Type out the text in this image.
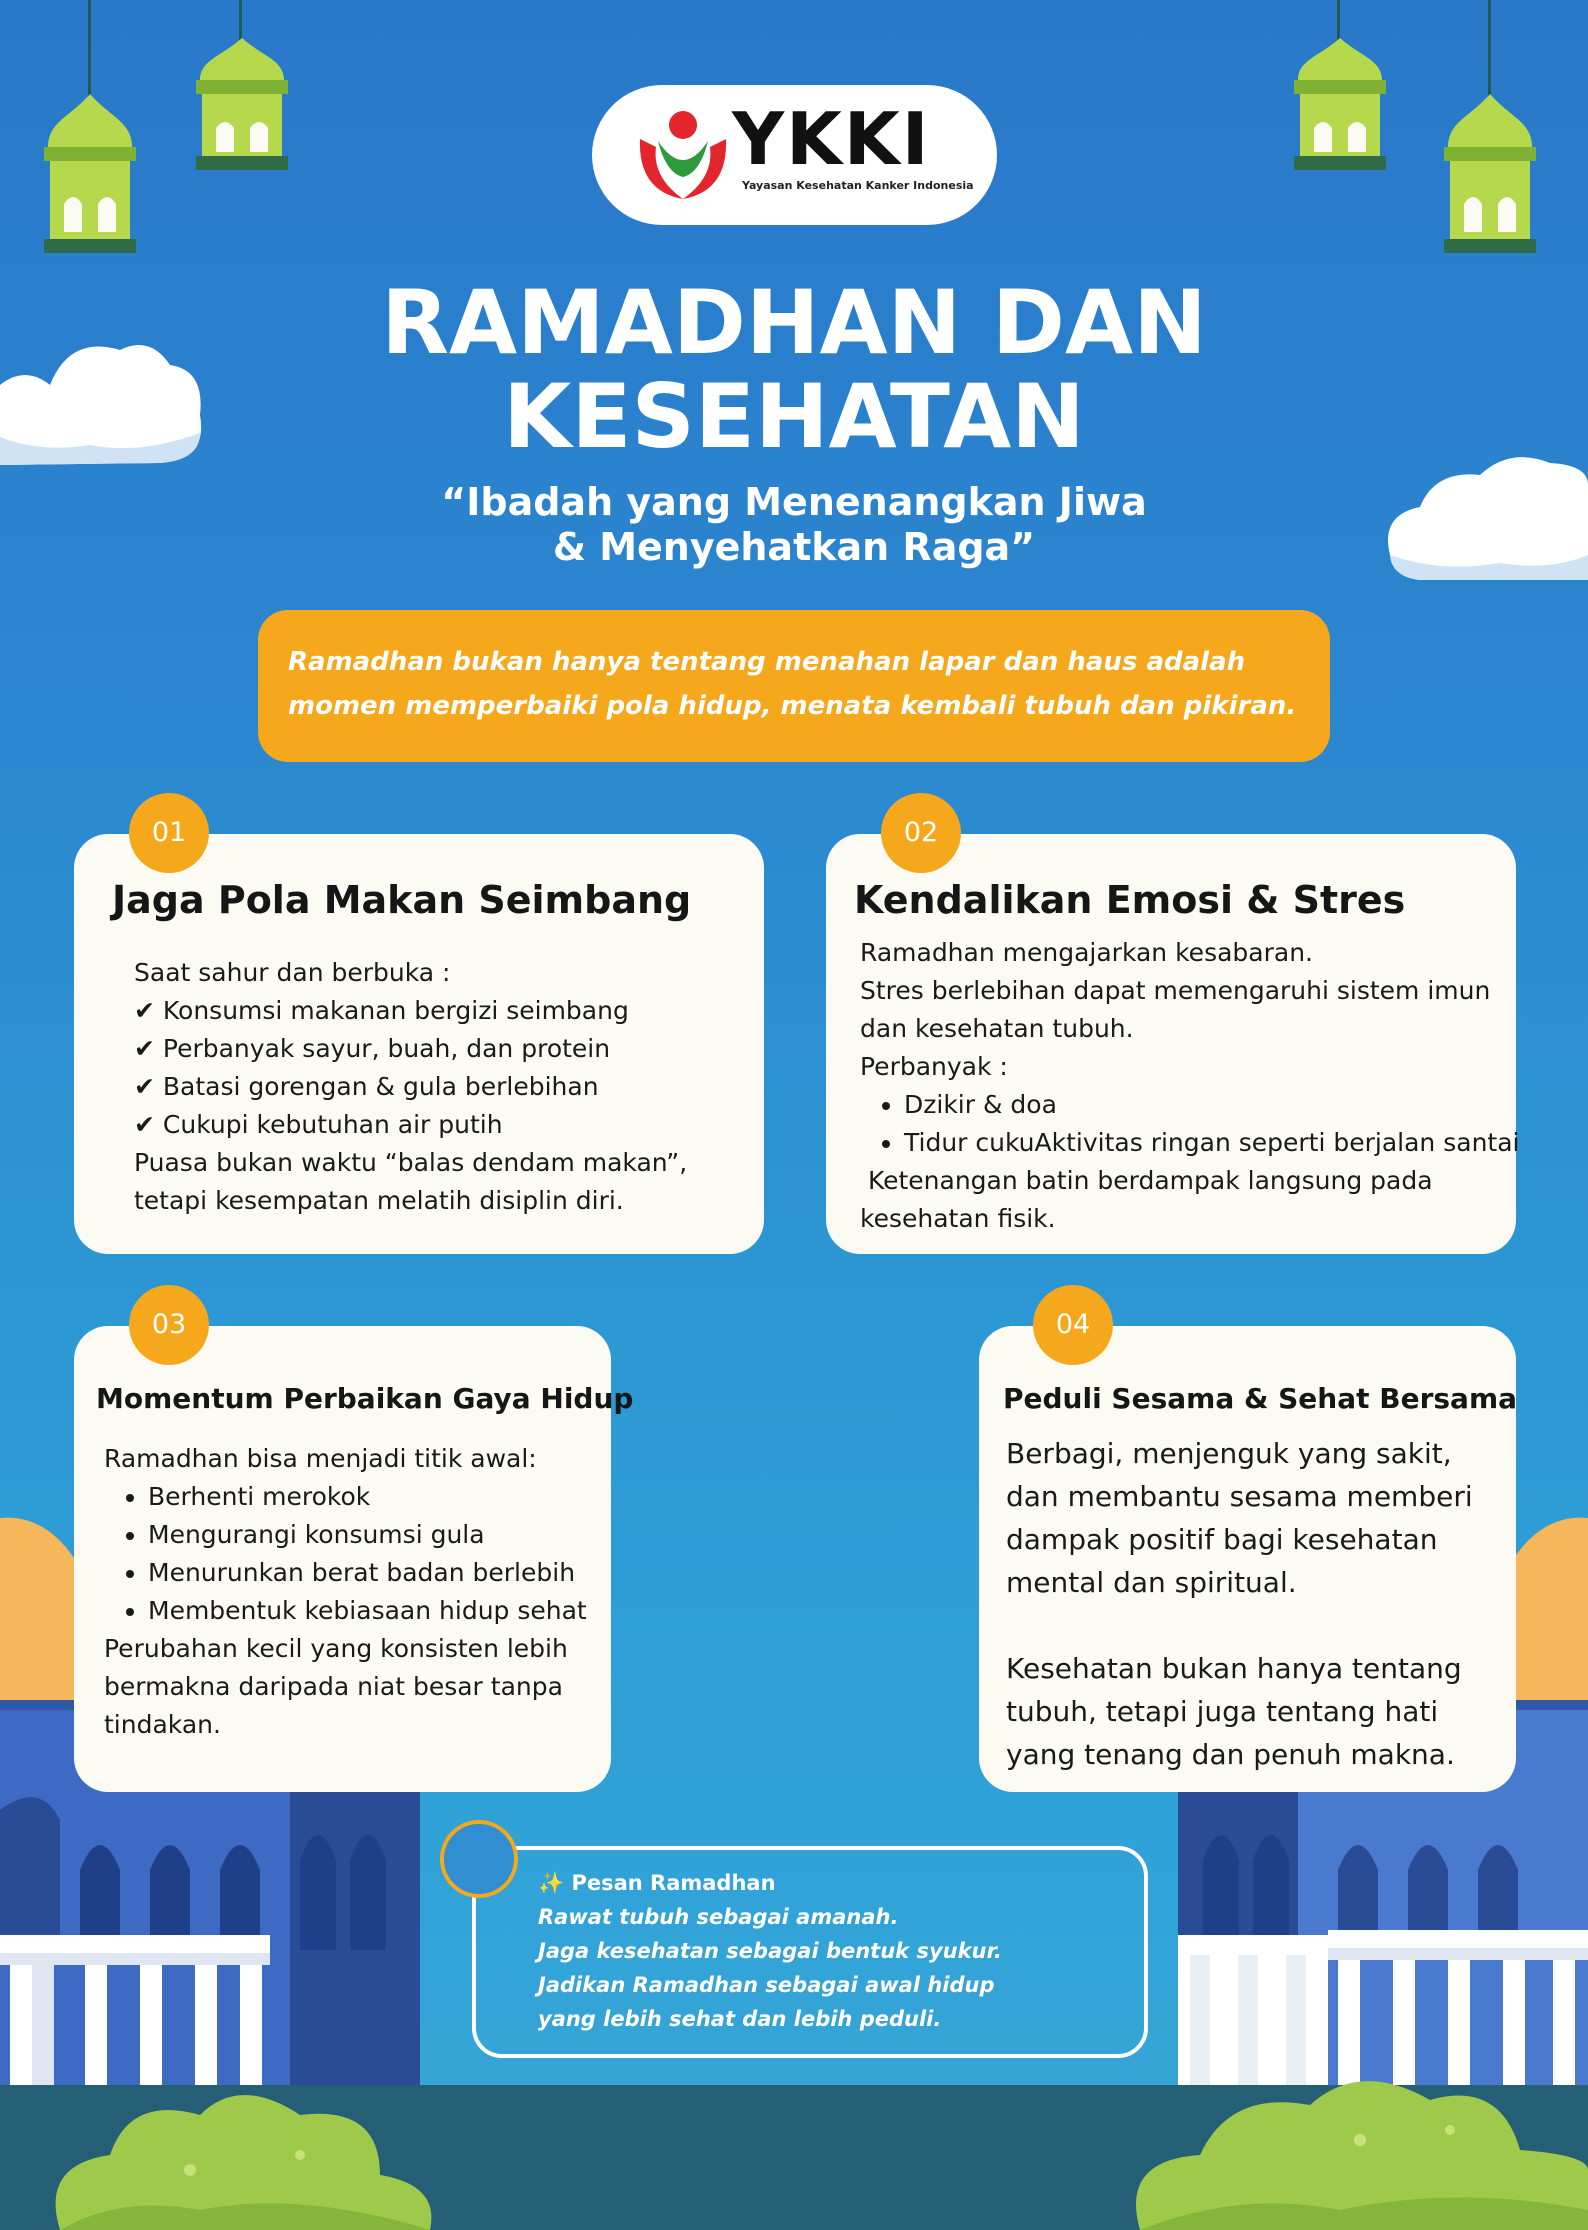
YKKI
Yayasan Kesehatan Kanker Indonesia
RAMADHAN DAN
KESEHATAN
“Ibadah yang Menenangkan Jiwa
& Menyehatkan Raga”
Ramadhan bukan hanya tentang menahan lapar dan haus adalah
momen memperbaiki pola hidup, menata kembali tubuh dan pikiran.
Jaga Pola Makan Seimbang
Saat sahur dan berbuka :
✔ Konsumsi makanan bergizi seimbang
✔ Perbanyak sayur, buah, dan protein
✔ Batasi gorengan & gula berlebihan
✔ Cukupi kebutuhan air putih
Puasa bukan waktu “balas dendam makan”,
tetapi kesempatan melatih disiplin diri.
01
Kendalikan Emosi & Stres
Ramadhan mengajarkan kesabaran.
Stres berlebihan dapat memengaruhi sistem imun
dan kesehatan tubuh.
Perbanyak :
• Dzikir & doa
• Tidur cukuAktivitas ringan seperti berjalan santai
Ketenangan batin berdampak langsung pada
kesehatan fisik.
02
Momentum Perbaikan Gaya Hidup
Ramadhan bisa menjadi titik awal:
• Berhenti merokok
• Mengurangi konsumsi gula
• Menurunkan berat badan berlebih
• Membentuk kebiasaan hidup sehat
Perubahan kecil yang konsisten lebih
bermakna daripada niat besar tanpa
tindakan.
03
Peduli Sesama & Sehat Bersama
Berbagi, menjenguk yang sakit,
dan membantu sesama memberi
dampak positif bagi kesehatan
mental dan spiritual.
Kesehatan bukan hanya tentang
tubuh, tetapi juga tentang hati
yang tenang dan penuh makna.
04
✨ Pesan Ramadhan
Rawat tubuh sebagai amanah.
Jaga kesehatan sebagai bentuk syukur.
Jadikan Ramadhan sebagai awal hidup
yang lebih sehat dan lebih peduli.
